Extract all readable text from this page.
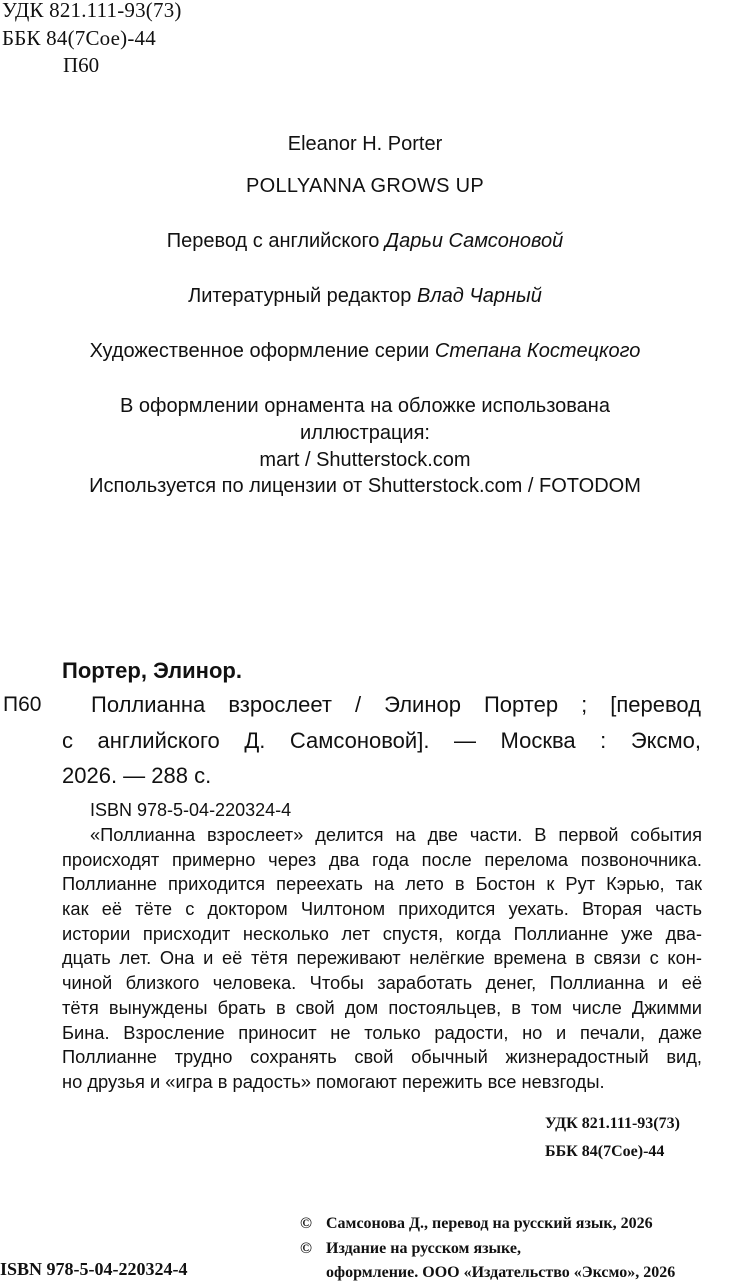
УДК 821.111-93(73)
ББК 84(7Сое)-44
П60
Eleanor H. Porter
POLLYANNA GROWS UP
Перевод с английского Дарьи Самсоновой
Литературный редактор Влад Чарный
Художественное оформление серии Степана Костецкого
В оформлении орнамента на обложке использована
иллюстрация:
mart / Shutterstock.com
Используется по лицензии от Shutterstock.com / FOTODOM
Портер, Элинор.
П60 Поллианна взрослеет / Элинор Портер ; [перевод
с английского Д. Самсоновой]. — Москва : Эксмо,
2026. — 288 с.
ISBN 978-5-04-220324-4
«Поллианна взрослеет» делится на две части. В первой события
происходят примерно через два года после перелома позвоночника.
Поллианне приходится переехать на лето в Бостон к Рут Кэрью, так
как её тёте с доктором Чилтоном приходится уехать. Вторая часть
истории присходит несколько лет спустя, когда Поллианне уже два-
дцать лет. Она и её тётя переживают нелёгкие времена в связи с кон-
чиной близкого человека. Чтобы заработать денег, Поллианна и её
тётя вынуждены брать в свой дом постояльцев, в том числе Джимми
Бина. Взросление приносит не только радости, но и печали, даже
Поллианне трудно сохранять свой обычный жизнерадостный вид,
но друзья и «игра в радость» помогают пережить все невзгоды.
УДК 821.111-93(73)
ББК 84(7Сое)-44
ISBN 978-5-04-220324-4
© Самсонова Д., перевод на русский язык, 2026
© Издание на русском языке,
оформление. ООО «Издательство «Эксмо», 2026
